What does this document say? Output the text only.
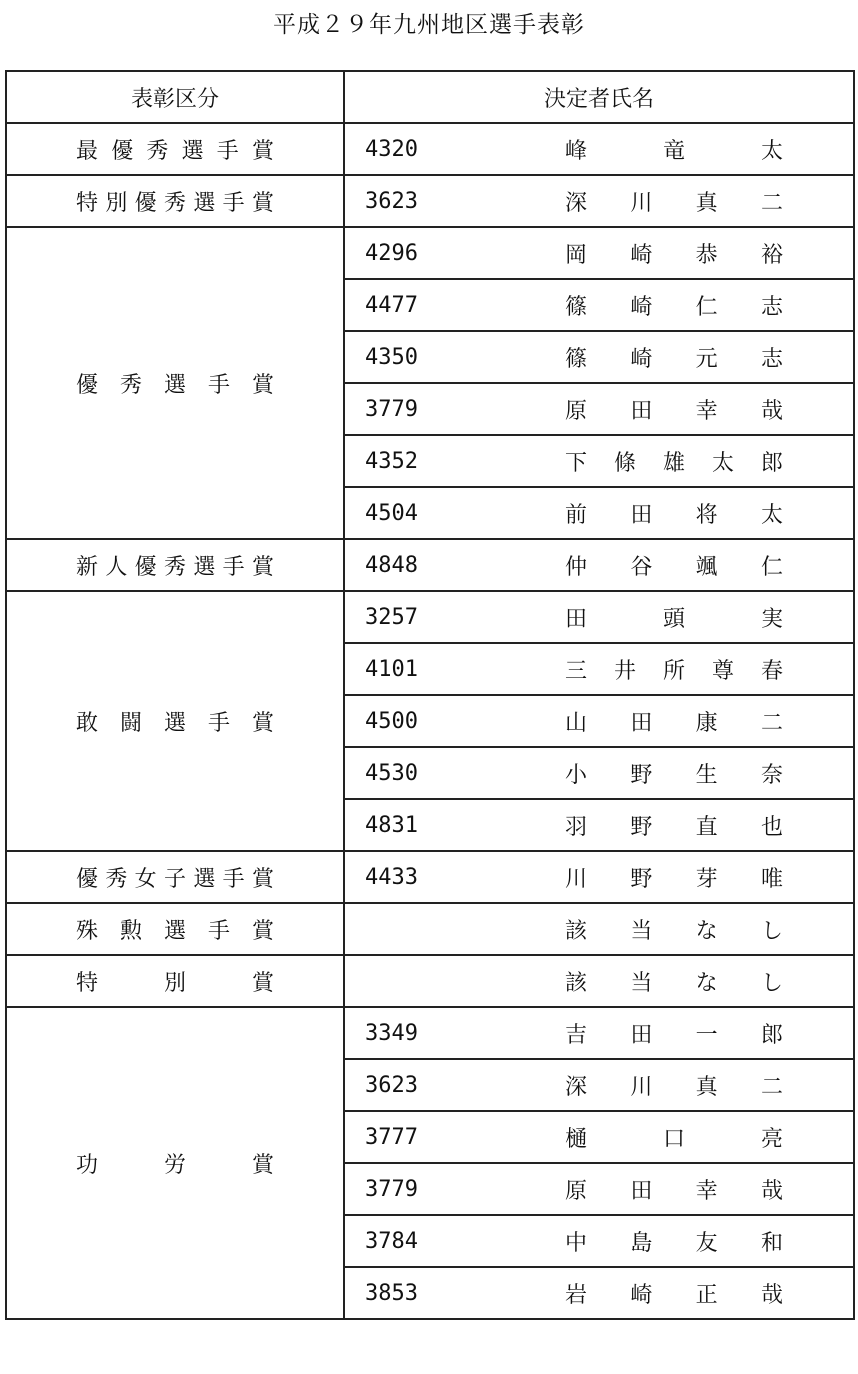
平成２９年九州地区選手表彰
表彰区分	決定者氏名
最優秀選手賞	4320 峰 竜 太
特別優秀選手賞	3623 深 川 真 二
優 秀 選 手 賞	4296 岡 崎 恭 裕
	4477 篠 崎 仁 志
	4350 篠 崎 元 志
	3779 原 田 幸 哉
	4352 下 條 雄 太 郎
	4504 前 田 将 太
新人優秀選手賞	4848 仲 谷 颯 仁
敢 闘 選 手 賞	3257 田 頭 実
	4101 三 井 所 尊 春
	4500 山 田 康 二
	4530 小 野 生 奈
	4831 羽 野 直 也
優秀女子選手賞	4433 川 野 芽 唯
殊 勲 選 手 賞	該 当 な し
特　　　別　　　賞	該 当 な し
功　　　労　　　賞	3349 吉 田 一 郎
	3623 深 川 真 二
	3777 樋 口 亮
	3779 原 田 幸 哉
	3784 中 島 友 和
	3853 岩 崎 正 哉
